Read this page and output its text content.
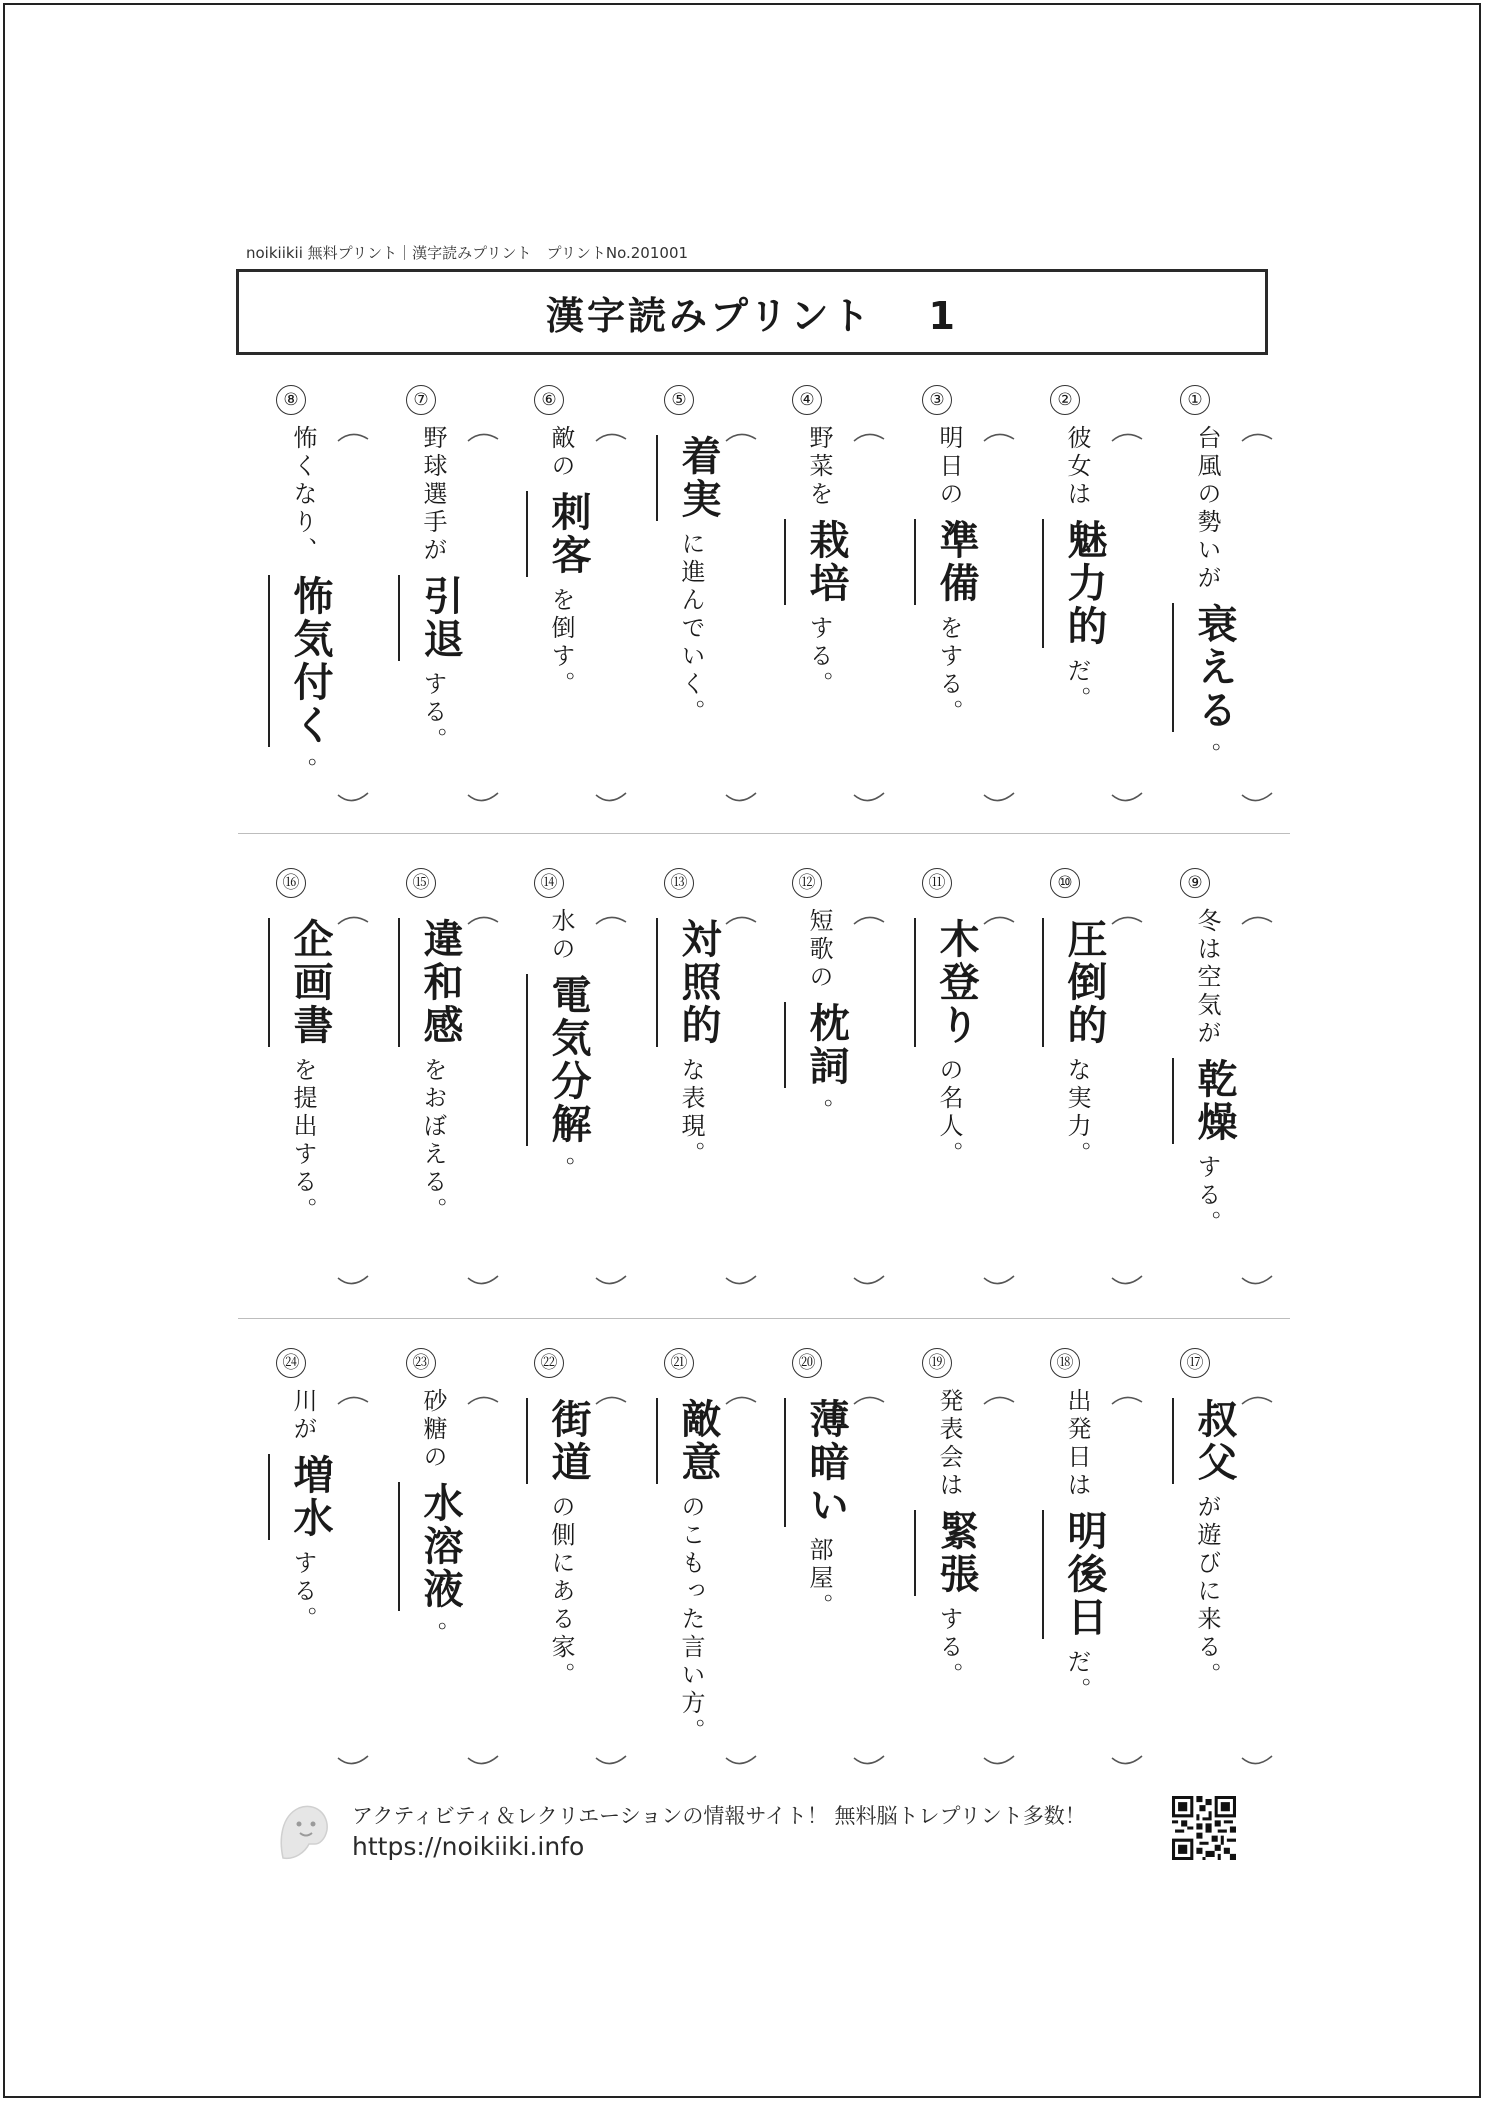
noikiikii 無料プリント｜漢字読みプリント　プリントNo.201001
漢字読みプリント 1
①
台風の勢いが
衰える
。
②
彼女は
魅力的
だ。
③
明日の
準備
をする。
④
野菜を
栽培
する。
⑤
着実
に進んでいく。
⑥
敵の
刺客
を倒す。
⑦
野球選手が
引退
する。
⑧
怖くなり、
怖気付く
。
⑨
冬は空気が
乾燥
する。
⑩
圧倒的
な実力。
⑪
木登り
の名人。
⑫
短歌の
枕詞
。
⑬
対照的
な表現。
⑭
水の
電気分解
。
⑮
違和感
をおぼえる。
⑯
企画書
を提出する。
⑰
叔父
が遊びに来る。
⑱
出発日は
明後日
だ。
⑲
発表会は
緊張
する。
⑳
薄暗い
部屋。
㉑
敵意
のこもった言い方。
㉒
街道
の側にある家。
㉓
砂糖の
水溶液
。
㉔
川が
増水
する。
アクティビティ＆レクリエーションの情報サイト！ 無料脳トレプリント多数！
https://noikiiki.info
